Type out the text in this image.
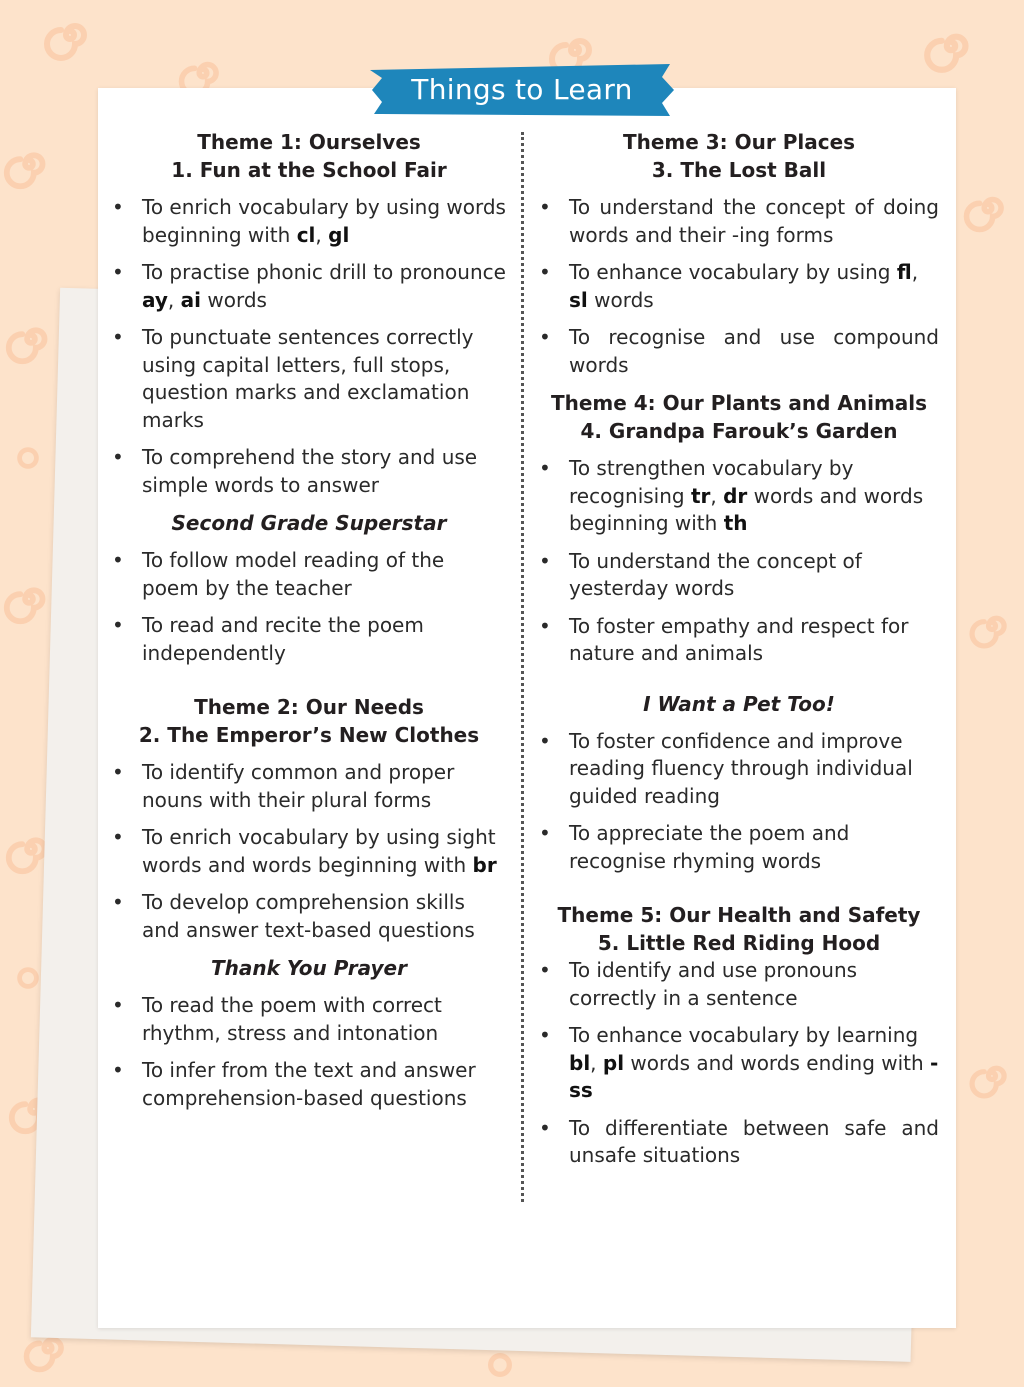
Things to Learn
Theme 1: Ourselves
1. Fun at the School Fair
• To enrich vocabulary by using words beginning with cl, gl
• To practise phonic drill to pronounce ay, ai words
• To punctuate sentences correctly using capital letters, full stops, question marks and exclamation marks
• To comprehend the story and use simple words to answer
Second Grade Superstar
• To follow model reading of the poem by the teacher
• To read and recite the poem independently
Theme 2: Our Needs
2. The Emperor’s New Clothes
• To identify common and proper nouns with their plural forms
• To enrich vocabulary by using sight words and words beginning with br
• To develop comprehension skills and answer text-based questions
Thank You Prayer
• To read the poem with correct rhythm, stress and intonation
• To infer from the text and answer comprehension-based questions
Theme 3: Our Places
3. The Lost Ball
• To understand the concept of doing words and their -ing forms
• To enhance vocabulary by using fl, sl words
• To recognise and use compound words
Theme 4: Our Plants and Animals
4. Grandpa Farouk’s Garden
• To strengthen vocabulary by recognising tr, dr words and words beginning with th
• To understand the concept of yesterday words
• To foster empathy and respect for nature and animals
I Want a Pet Too!
• To foster confidence and improve reading fluency through individual guided reading
• To appreciate the poem and recognise rhyming words
Theme 5: Our Health and Safety
5. Little Red Riding Hood
• To identify and use pronouns correctly in a sentence
• To enhance vocabulary by learning bl, pl words and words ending with -ss
• To differentiate between safe and unsafe situations
